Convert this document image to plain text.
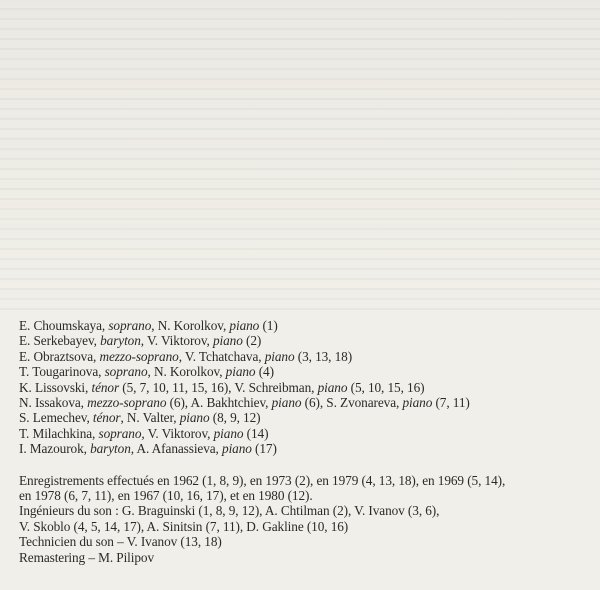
E. Choumskaya, soprano, N. Korolkov, piano (1)
E. Serkebayev, baryton, V. Viktorov, piano (2)
E. Obraztsova, mezzo-soprano, V. Tchatchava, piano (3, 13, 18)
T. Tougarinova, soprano, N. Korolkov, piano (4)
K. Lissovski, ténor (5, 7, 10, 11, 15, 16), V. Schreibman, piano (5, 10, 15, 16)
N. Issakova, mezzo-soprano (6), A. Bakhtchiev, piano (6), S. Zvonareva, piano (7, 11)
S. Lemechev, ténor, N. Valter, piano (8, 9, 12)
T. Milachkina, soprano, V. Viktorov, piano (14)
I. Mazourok, baryton, A. Afanassieva, piano (17)
Enregistrements effectués en 1962 (1, 8, 9), en 1973 (2), en 1979 (4, 13, 18), en 1969 (5, 14),
en 1978 (6, 7, 11), en 1967 (10, 16, 17), et en 1980 (12).
Ingénieurs du son : G. Braguinski (1, 8, 9, 12), A. Chtilman (2), V. Ivanov (3, 6),
V. Skoblo (4, 5, 14, 17), A. Sinitsin (7, 11), D. Gakline (10, 16)
Technicien du son – V. Ivanov (13, 18)
Remastering – M. Pilipov
